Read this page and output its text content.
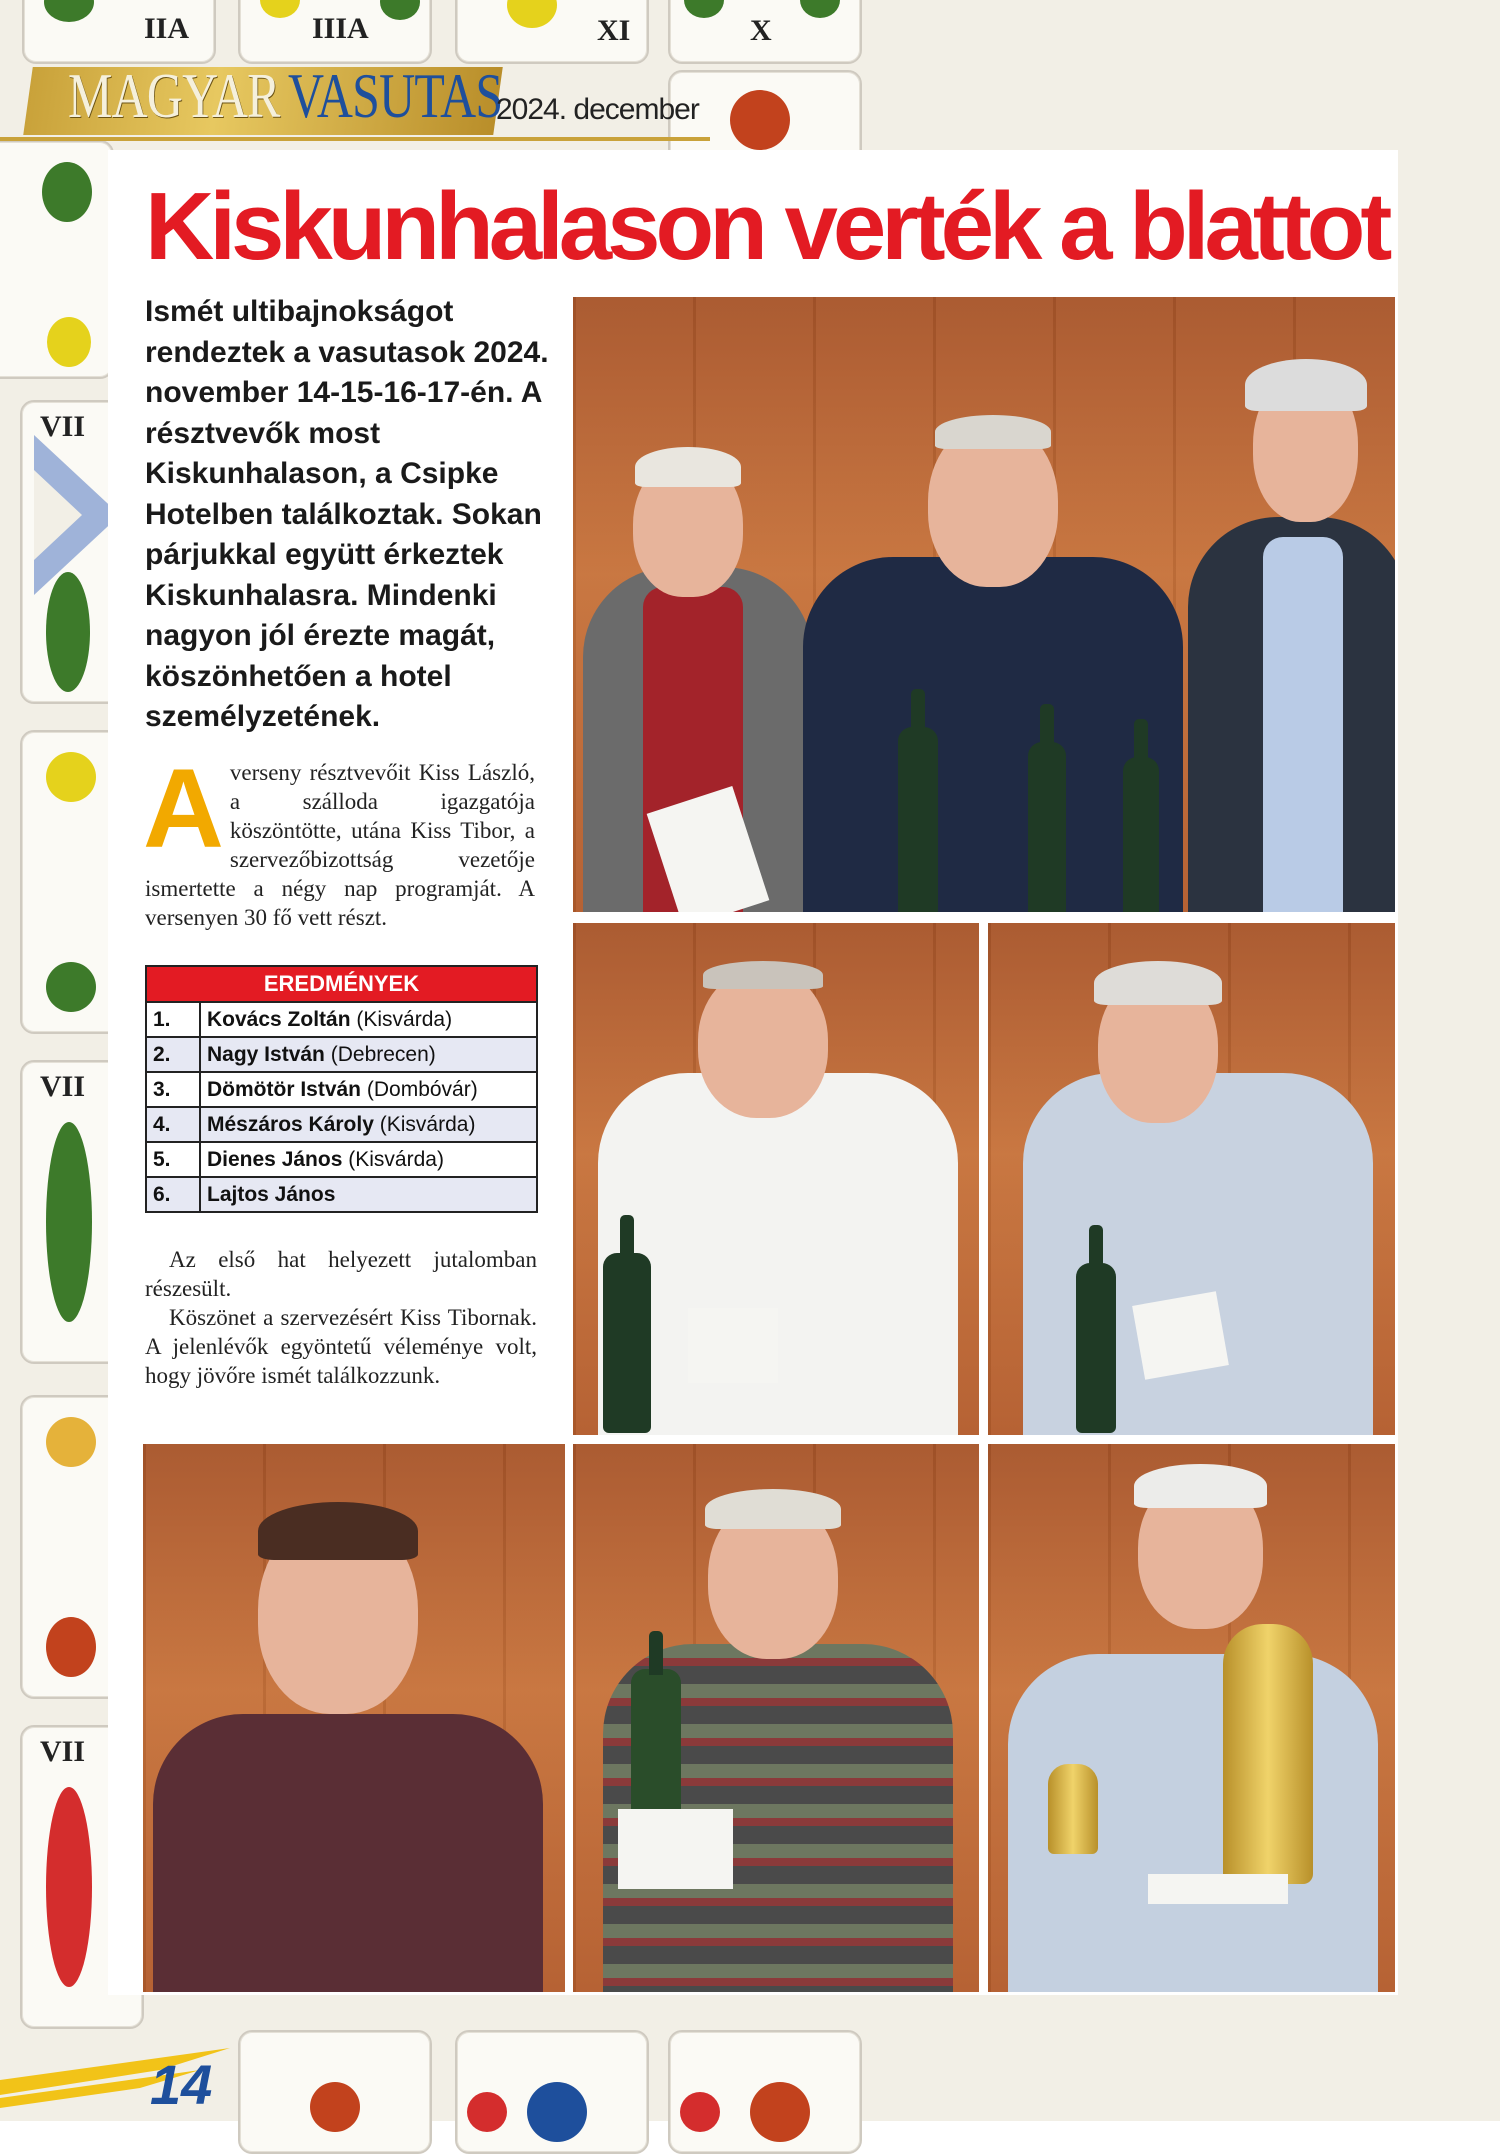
IIA	IIIA	XI	X
VII
VII
VII
MAGYAR VASUTAS
2024. december
Kiskunhalason verték a blattot
Ismét ultibajnokságot rendeztek a vasutasok 2024. november 14-15-16-17-én. A résztvevők most Kiskunhalason, a Csipke Hotelben találkoztak. Sokan párjukkal együtt érkeztek Kiskunhalasra. Mindenki nagyon jól érezte magát, köszönhetően a hotel személyzetének.
A verseny résztvevőit Kiss László, a szálloda igazgatója köszöntötte, utána Kiss Tibor, a szervezőbizottság vezetője ismertette a négy nap programját. A versenyen 30 fő vett részt.
EREDMÉNYEK	
1.	Kovács Zoltán (Kisvárda)
2.	Nagy István (Debrecen)
3.	Dömötör István (Dombóvár)
4.	Mészáros Károly (Kisvárda)
5.	Dienes János (Kisvárda)
6.	Lajtos János

Az első hat helyezett jutalomban részesült.

Köszönet a szervezésért Kiss Tibornak. A jelenlévők egyöntetű véleménye volt, hogy jövőre ismét találkozzunk.

14
